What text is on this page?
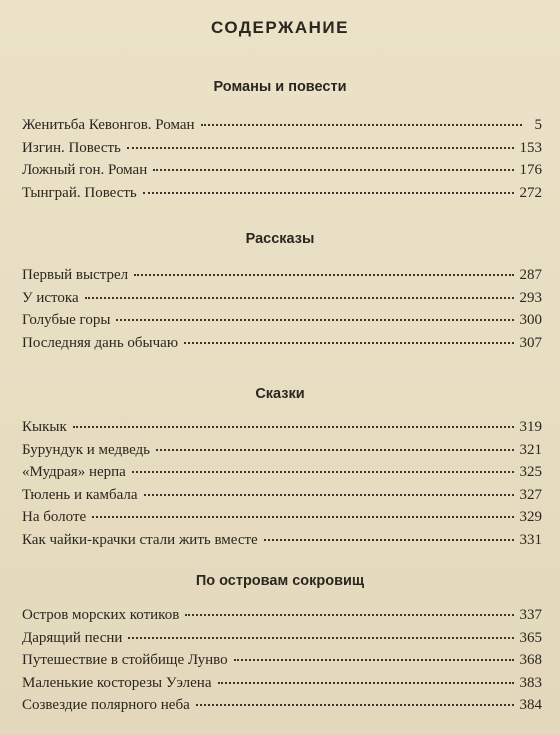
СОДЕРЖАНИЕ
Романы и повести
Женитьба Кевонгов. Роман	5
Изгин. Повесть	153
Ложный гон. Роман	176
Тынграй. Повесть	272
Рассказы
Первый выстрел	287
У истока	293
Голубые горы	300
Последняя дань обычаю	307
Сказки
Кыкык	319
Бурундук и медведь	321
«Мудрая» нерпа	325
Тюлень и камбала	327
На болоте	329
Как чайки-крачки стали жить вместе	331
По островам сокровищ
Остров морских котиков	337
Дарящий песни	365
Путешествие в стойбище Лунво	368
Маленькие косторезы Уэлена	383
Созвездие полярного неба	384
